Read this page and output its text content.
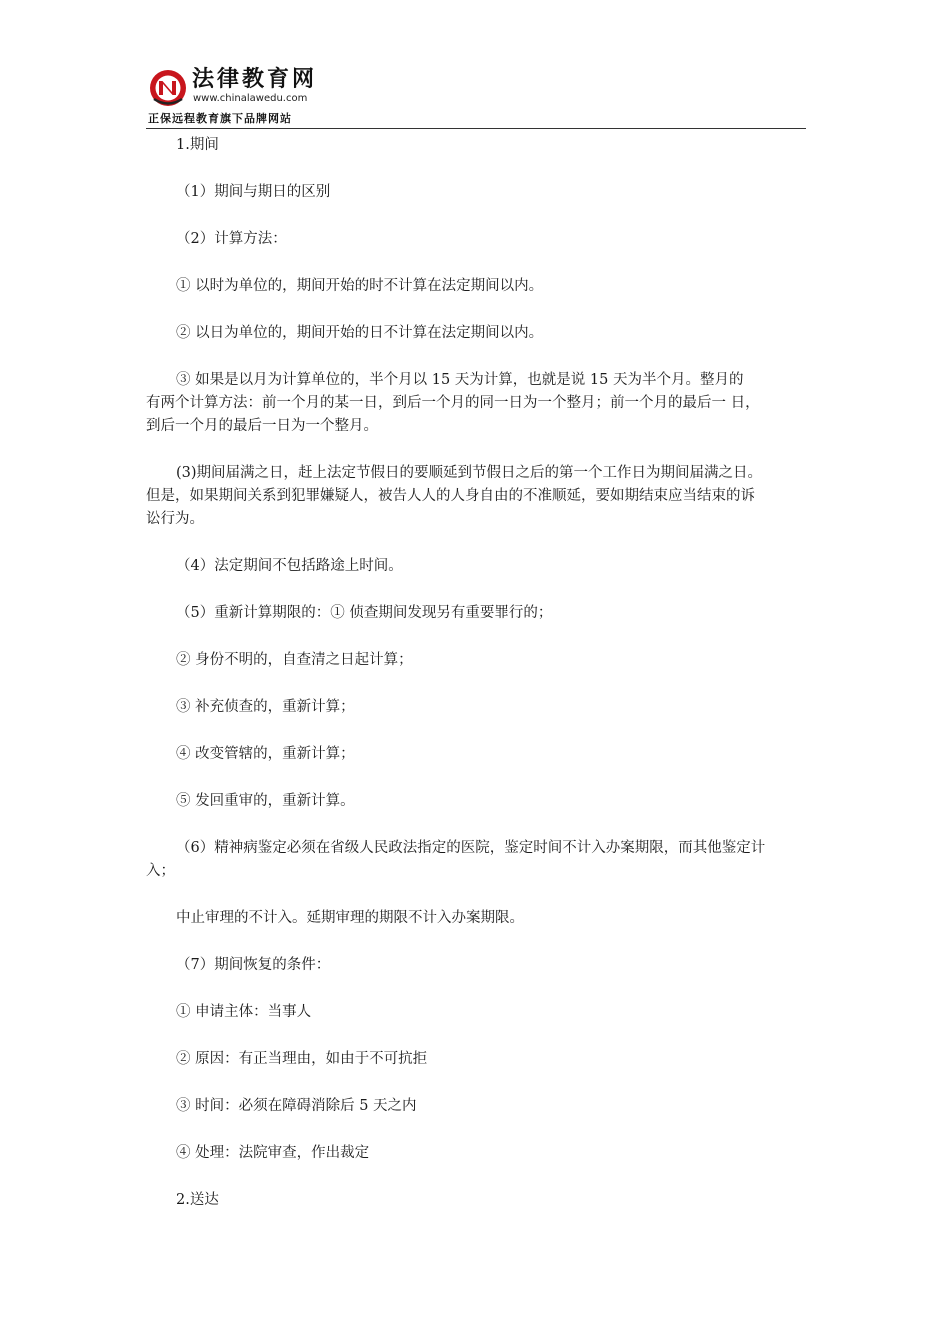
法律教育网
www.chinalawedu.com
正保远程教育旗下品牌网站

1.期间

（1）期间与期日的区别

（2）计算方法：

① 以时为单位的，期间开始的时不计算在法定期间以内。

② 以日为单位的，期间开始的日不计算在法定期间以内。

③ 如果是以月为计算单位的，半个月以 15 天为计算，也就是说 15 天为半个月。整月的

有两个计算方法：前一个月的某一日，到后一个月的同一日为一个整月；前一个月的最后一 日，

到后一个月的最后一日为一个整月。

(3)期间届满之日，赶上法定节假日的要顺延到节假日之后的第一个工作日为期间届满之日。

但是，如果期间关系到犯罪嫌疑人，被告人人的人身自由的不准顺延，要如期结束应当结束的诉

讼行为。

（4）法定期间不包括路途上时间。

（5）重新计算期限的：① 侦查期间发现另有重要罪行的；

② 身份不明的，自查清之日起计算；

③ 补充侦查的，重新计算；

④ 改变管辖的，重新计算；

⑤ 发回重审的，重新计算。

（6）精神病鉴定必须在省级人民政法指定的医院，鉴定时间不计入办案期限，而其他鉴定计

入；

中止审理的不计入。延期审理的期限不计入办案期限。

（7）期间恢复的条件：

① 申请主体：当事人

② 原因：有正当理由，如由于不可抗拒

③ 时间：必须在障碍消除后 5 天之内

④ 处理：法院审查，作出裁定

2.送达
